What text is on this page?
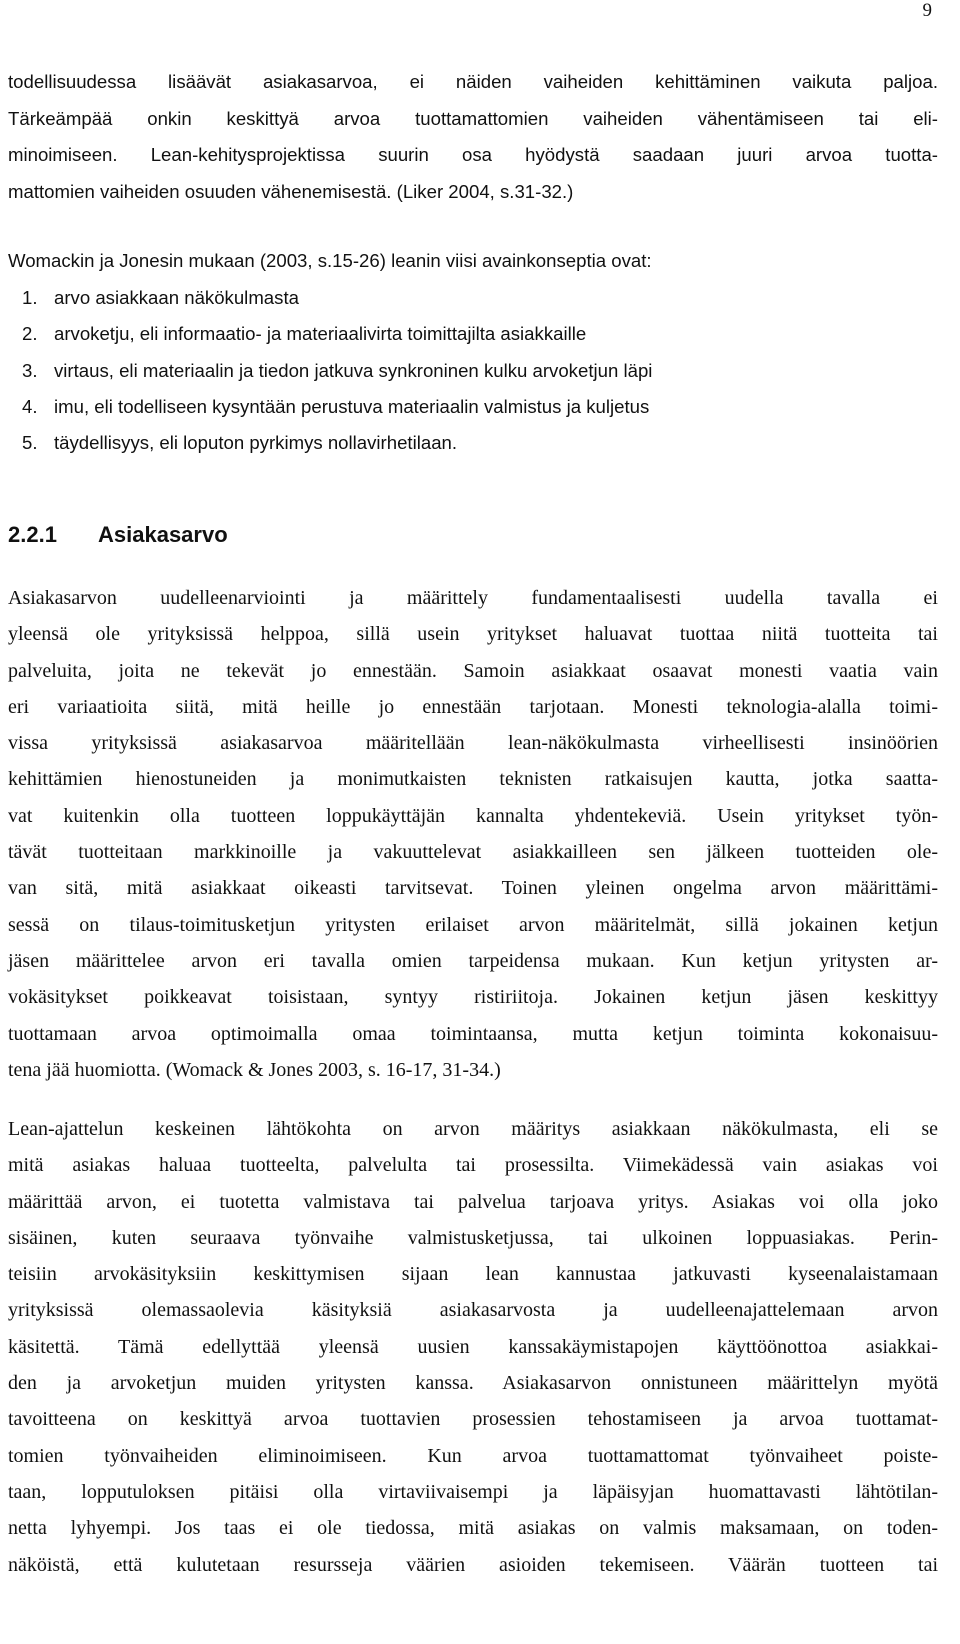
9
todellisuudessa lisäävät asiakasarvoa, ei näiden vaiheiden kehittäminen vaikuta paljoa.
Tärkeämpää onkin keskittyä arvoa tuottamattomien vaiheiden vähentämiseen tai eli-
minoimiseen. Lean-kehitysprojektissa suurin osa hyödystä saadaan juuri arvoa tuotta-
mattomien vaiheiden osuuden vähenemisestä. (Liker 2004, s.31-32.)
Womackin ja Jonesin mukaan (2003, s.15-26) leanin viisi avainkonseptia ovat:
1. arvo asiakkaan näkökulmasta
2. arvoketju, eli informaatio- ja materiaalivirta toimittajilta asiakkaille
3. virtaus, eli materiaalin ja tiedon jatkuva synkroninen kulku arvoketjun läpi
4. imu, eli todelliseen kysyntään perustuva materiaalin valmistus ja kuljetus
5. täydellisyys, eli loputon pyrkimys nollavirhetilaan.
2.2.1 Asiakasarvo
Asiakasarvon uudelleenarviointi ja määrittely fundamentaalisesti uudella tavalla ei
yleensä ole yrityksissä helppoa, sillä usein yritykset haluavat tuottaa niitä tuotteita tai
palveluita, joita ne tekevät jo ennestään. Samoin asiakkaat osaavat monesti vaatia vain
eri variaatioita siitä, mitä heille jo ennestään tarjotaan. Monesti teknologia-alalla toimi-
vissa yrityksissä asiakasarvoa määritellään lean-näkökulmasta virheellisesti insinöörien
kehittämien hienostuneiden ja monimutkaisten teknisten ratkaisujen kautta, jotka saatta-
vat kuitenkin olla tuotteen loppukäyttäjän kannalta yhdentekeviä. Usein yritykset työn-
tävät tuotteitaan markkinoille ja vakuuttelevat asiakkailleen sen jälkeen tuotteiden ole-
van sitä, mitä asiakkaat oikeasti tarvitsevat. Toinen yleinen ongelma arvon määrittämi-
sessä on tilaus-toimitusketjun yritysten erilaiset arvon määritelmät, sillä jokainen ketjun
jäsen määrittelee arvon eri tavalla omien tarpeidensa mukaan. Kun ketjun yritysten ar-
vokäsitykset poikkeavat toisistaan, syntyy ristiriitoja. Jokainen ketjun jäsen keskittyy
tuottamaan arvoa optimoimalla omaa toimintaansa, mutta ketjun toiminta kokonaisuu-
tena jää huomiotta. (Womack & Jones 2003, s. 16-17, 31-34.)
Lean-ajattelun keskeinen lähtökohta on arvon määritys asiakkaan näkökulmasta, eli se
mitä asiakas haluaa tuotteelta, palvelulta tai prosessilta. Viimekädessä vain asiakas voi
määrittää arvon, ei tuotetta valmistava tai palvelua tarjoava yritys. Asiakas voi olla joko
sisäinen, kuten seuraava työnvaihe valmistusketjussa, tai ulkoinen loppuasiakas. Perin-
teisiin arvokäsityksiin keskittymisen sijaan lean kannustaa jatkuvasti kyseenalaistamaan
yrityksissä olemassaolevia käsityksiä asiakasarvosta ja uudelleenajattelemaan arvon
käsitettä. Tämä edellyttää yleensä uusien kanssakäymistapojen käyttöönottoa asiakkai-
den ja arvoketjun muiden yritysten kanssa. Asiakasarvon onnistuneen määrittelyn myötä
tavoitteena on keskittyä arvoa tuottavien prosessien tehostamiseen ja arvoa tuottamat-
tomien työnvaiheiden eliminoimiseen. Kun arvoa tuottamattomat työnvaiheet poiste-
taan, lopputuloksen pitäisi olla virtaviivaisempi ja läpäisyjan huomattavasti lähtötilan-
netta lyhyempi. Jos taas ei ole tiedossa, mitä asiakas on valmis maksamaan, on toden-
näköistä, että kulutetaan resursseja väärien asioiden tekemiseen. Väärän tuotteen tai
